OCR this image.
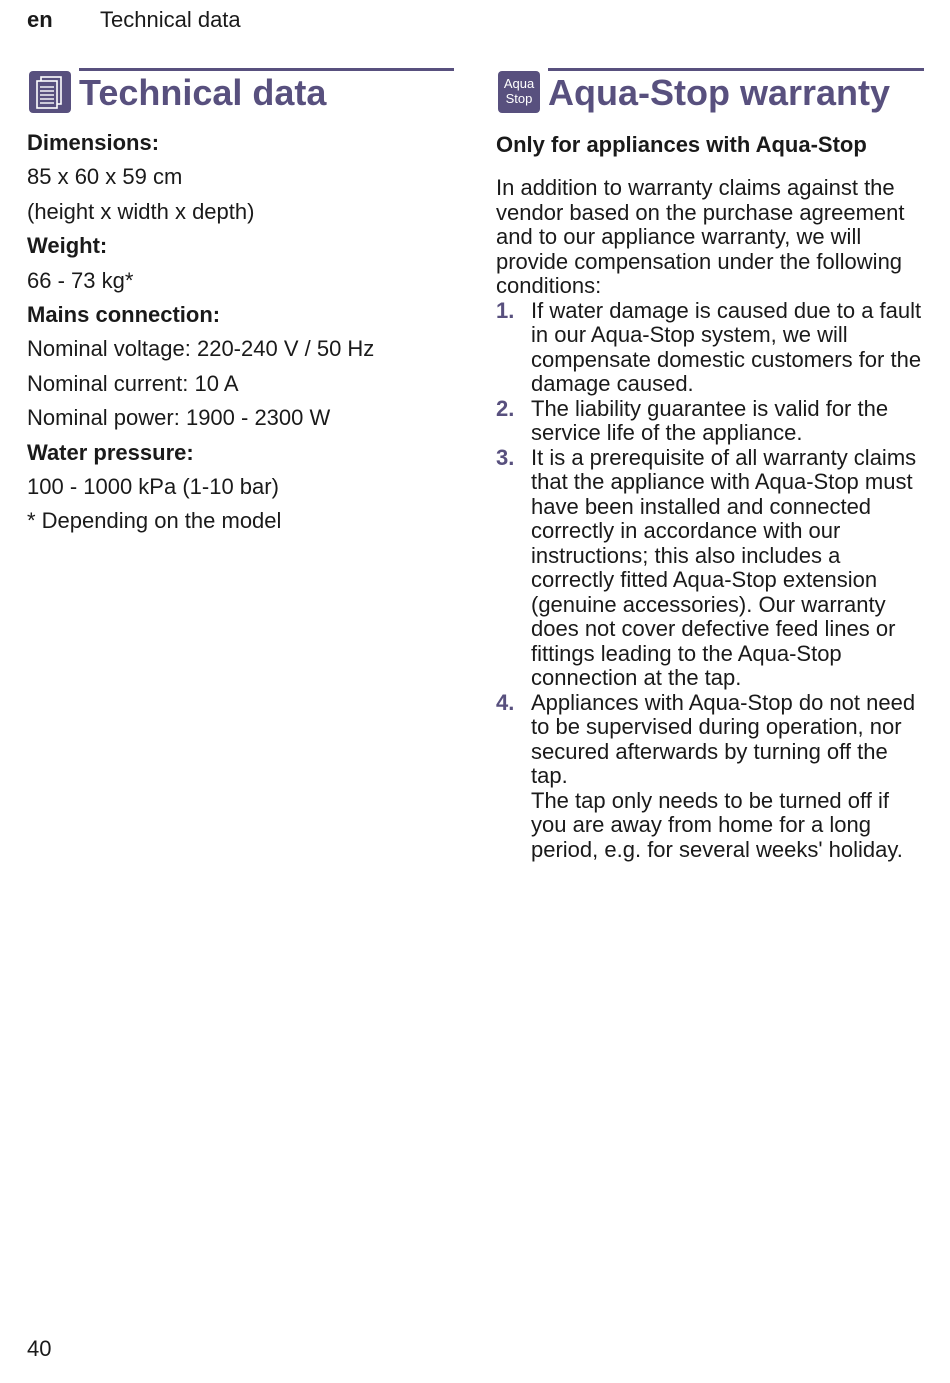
en Technical data
Technical data
Dimensions:
85 x 60 x 59 cm
(height x width x depth)
Weight:
66 - 73 kg*
Mains connection:
Nominal voltage: 220-240 V / 50 Hz
Nominal current: 10 A
Nominal power: 1900 - 2300 W
Water pressure:
100 - 1000 kPa (1-10 bar)
* Depending on the model
Aqua
Stop Aqua-Stop warranty
Only for appliances with Aqua-Stop
In addition to warranty claims against the vendor based on the purchase agreement and to our appliance warranty, we will provide compensation under the following conditions:
1. If water damage is caused due to a fault in our Aqua-Stop system, we will compensate domestic customers for the damage caused.
2. The liability guarantee is valid for the service life of the appliance.
3. It is a prerequisite of all warranty claims that the appliance with Aqua-Stop must have been installed and connected correctly in accordance with our instructions; this also includes a correctly fitted Aqua-Stop extension (genuine accessories). Our warranty does not cover defective feed lines or fittings leading to the Aqua-Stop connection at the tap.
4. Appliances with Aqua-Stop do not need to be supervised during operation, nor secured afterwards by turning off the tap.
The tap only needs to be turned off if you are away from home for a long period, e.g. for several weeks' holiday.
40
